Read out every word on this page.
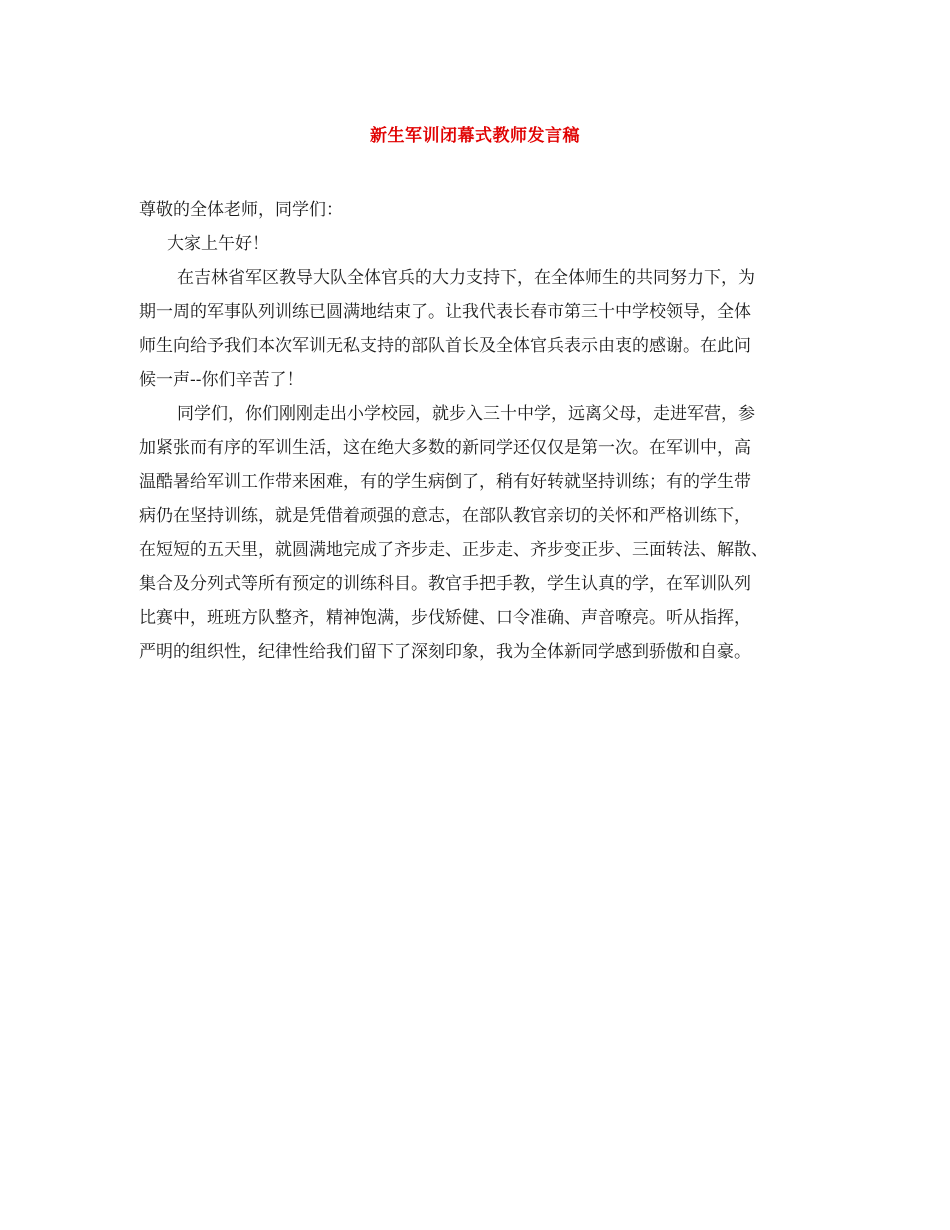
新生军训闭幕式教师发言稿
尊敬的全体老师，同学们：
大家上午好！
在吉林省军区教导大队全体官兵的大力支持下，在全体师生的共同努力下，为
期一周的军事队列训练已圆满地结束了。让我代表长春市第三十中学校领导，全体
师生向给予我们本次军训无私支持的部队首长及全体官兵表示由衷的感谢。在此问
候一声--你们辛苦了！
同学们，你们刚刚走出小学校园，就步入三十中学，远离父母，走进军营，参
加紧张而有序的军训生活，这在绝大多数的新同学还仅仅是第一次。在军训中，高
温酷暑给军训工作带来困难，有的学生病倒了，稍有好转就坚持训练；有的学生带
病仍在坚持训练，就是凭借着顽强的意志，在部队教官亲切的关怀和严格训练下，
在短短的五天里，就圆满地完成了齐步走、正步走、齐步变正步、三面转法、解散、
集合及分列式等所有预定的训练科目。教官手把手教，学生认真的学，在军训队列
比赛中，班班方队整齐，精神饱满，步伐矫健、口令准确、声音嘹亮。听从指挥，
严明的组织性，纪律性给我们留下了深刻印象，我为全体新同学感到骄傲和自豪。
